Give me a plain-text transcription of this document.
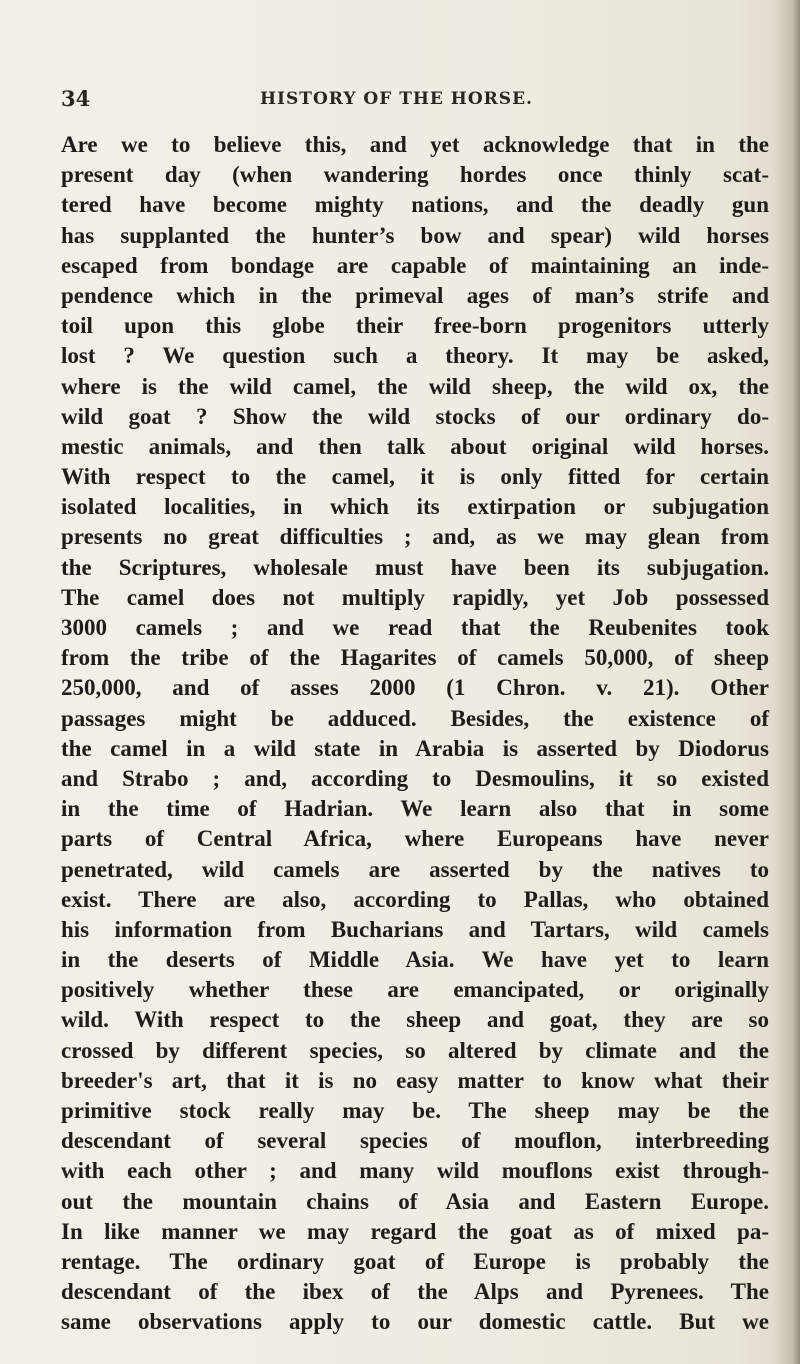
34	HISTORY OF THE HORSE.
Are we to believe this, and yet acknowledge that in the
present day (when wandering hordes once thinly scat-
tered have become mighty nations, and the deadly gun
has supplanted the hunter’s bow and spear) wild horses
escaped from bondage are capable of maintaining an inde-
pendence which in the primeval ages of man’s strife and
toil upon this globe their free-born progenitors utterly
lost ? We question such a theory. It may be asked,
where is the wild camel, the wild sheep, the wild ox, the
wild goat ? Show the wild stocks of our ordinary do-
mestic animals, and then talk about original wild horses.
With respect to the camel, it is only fitted for certain
isolated localities, in which its extirpation or subjugation
presents no great difficulties ; and, as we may glean from
the Scriptures, wholesale must have been its subjugation.
The camel does not multiply rapidly, yet Job possessed
3000 camels ; and we read that the Reubenites took
from the tribe of the Hagarites of camels 50,000, of sheep
250,000, and of asses 2000 (1 Chron. v. 21). Other
passages might be adduced. Besides, the existence of
the camel in a wild state in Arabia is asserted by Diodorus
and Strabo ; and, according to Desmoulins, it so existed
in the time of Hadrian. We learn also that in some
parts of Central Africa, where Europeans have never
penetrated, wild camels are asserted by the natives to
exist. There are also, according to Pallas, who obtained
his information from Bucharians and Tartars, wild camels
in the deserts of Middle Asia. We have yet to learn
positively whether these are emancipated, or originally
wild. With respect to the sheep and goat, they are so
crossed by different species, so altered by climate and the
breeder's art, that it is no easy matter to know what their
primitive stock really may be. The sheep may be the
descendant of several species of mouflon, interbreeding
with each other ; and many wild mouflons exist through-
out the mountain chains of Asia and Eastern Europe.
In like manner we may regard the goat as of mixed pa-
rentage. The ordinary goat of Europe is probably the
descendant of the ibex of the Alps and Pyrenees. The
same observations apply to our domestic cattle. But we
